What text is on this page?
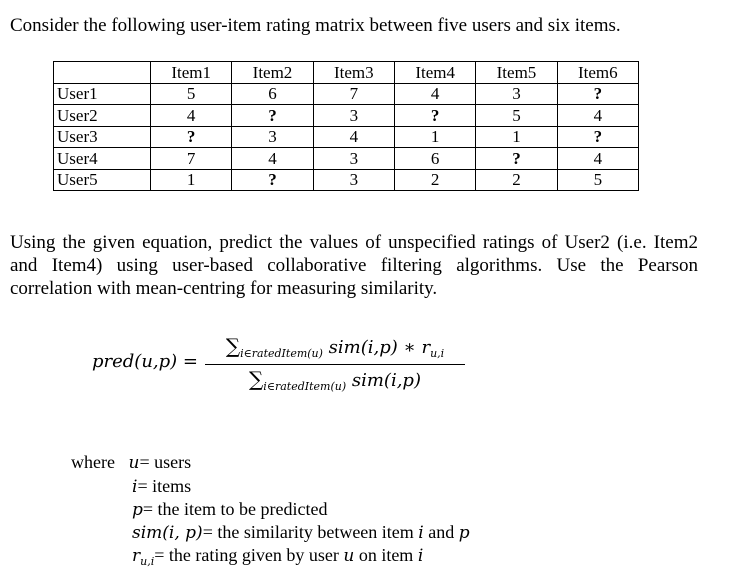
Consider the following user-item rating matrix between five users and six items.
	Item1	Item2	Item3	Item4	Item5	Item6
User1	5	6	7	4	3	?
User2	4	?	3	?	5	4
User3	?	3	4	1	1	?
User4	7	4	3	6	?	4
User5	1	?	3	2	2	5
Using the given equation, predict the values of unspecified ratings of User2 (i.e. Item2 and Item4) using user-based collaborative filtering algorithms. Use the Pearson correlation with mean-centring for measuring similarity.
pred(u,p) =
$\sum_{i\in ratedItem(u)}$ sim(i,p) ∗ $r_{u,i}$
$\sum_{i\in ratedItem(u)}$ sim(i,p)
where u= users
i= items
p= the item to be predicted
sim(i, p)= the similarity between item i and p
$r_{u,i}=$ the rating given by user u on item i
